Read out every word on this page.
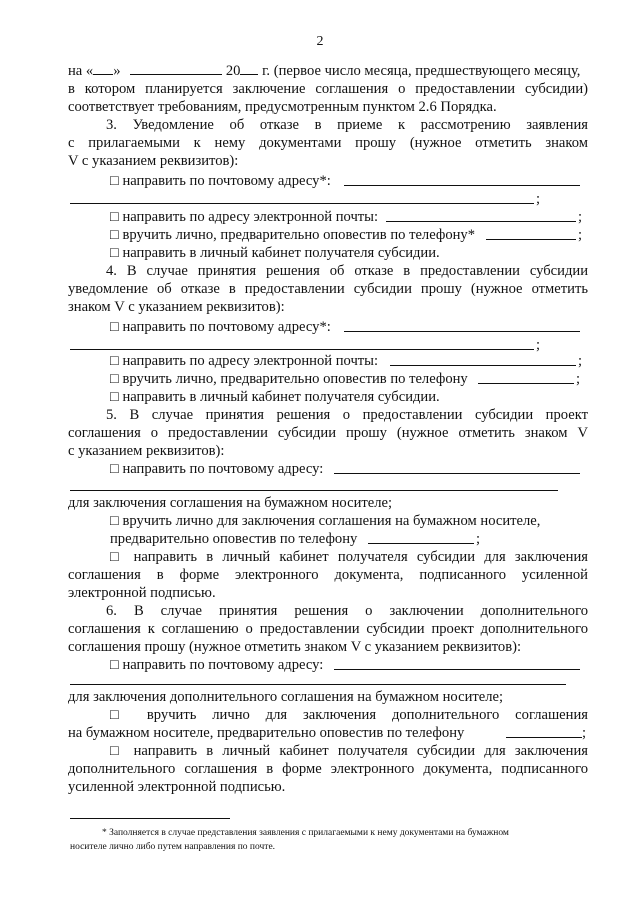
2
на « »	20 г. (первое число месяца, предшествующего месяцу,
в котором планируется заключение соглашения о предоставлении субсидии)
соответствует требованиям, предусмотренным пунктом 2.6 Порядка.
3. Уведомление об отказе в приеме к рассмотрению заявления
с прилагаемыми к нему документами прошу (нужное отметить знаком
V с указанием реквизитов):
□ направить по почтовому адресу*:
;
□ направить по адресу электронной почты:	;
□ вручить лично, предварительно оповестив по телефону*	;
□ направить в личный кабинет получателя субсидии.
4. В случае принятия решения об отказе в предоставлении субсидии
уведомление об отказе в предоставлении субсидии прошу (нужное отметить
знаком V с указанием реквизитов):
□ направить по почтовому адресу*:
;
□ направить по адресу электронной почты:	;
□ вручить лично, предварительно оповестив по телефону	;
□ направить в личный кабинет получателя субсидии.
5. В случае принятия решения о предоставлении субсидии проект
соглашения о предоставлении субсидии прошу (нужное отметить знаком V
с указанием реквизитов):
□ направить по почтовому адресу:
для заключения соглашения на бумажном носителе;
□ вручить лично для заключения соглашения на бумажном носителе,
предварительно оповестив по телефону	;
□ направить в личный кабинет получателя субсидии для заключения
соглашения в форме электронного документа, подписанного усиленной
электронной подписью.
6. В случае принятия решения о заключении дополнительного
соглашения к соглашению о предоставлении субсидии проект дополнительного
соглашения прошу (нужное отметить знаком V с указанием реквизитов):
□ направить по почтовому адресу:
для заключения дополнительного соглашения на бумажном носителе;
□ вручить лично для заключения дополнительного соглашения
на бумажном носителе, предварительно оповестив по телефону	;
□ направить в личный кабинет получателя субсидии для заключения
дополнительного соглашения в форме электронного документа, подписанного
усиленной электронной подписью.
* Заполняется в случае представления заявления с прилагаемыми к нему документами на бумажном
носителе лично либо путем направления по почте.
